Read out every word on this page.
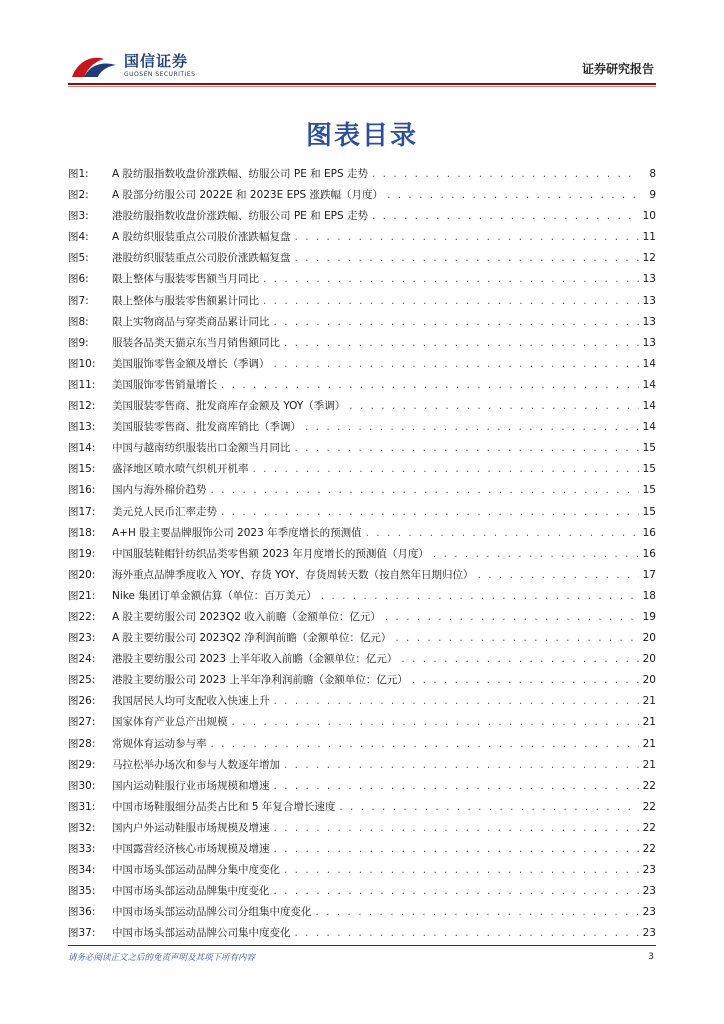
国信证券
GUOSEN SECURITIES	证券研究报告
图表目录
图1:	A 股纺服指数收盘价涨跌幅、纺服公司 PE 和 EPS 走势 . . .	8
图2:	A 股部分纺服公司 2022E 和 2023E EPS 涨跌幅（月度） . . .	9
图3:	港股纺服指数收盘价涨跌幅、纺服公司 PE 和 EPS 走势 . . .	10
图4:	A 股纺织服装重点公司股价涨跌幅复盘 . . .	11
图5:	港股纺织服装重点公司股价涨跌幅复盘 . . .	12
图6:	限上整体与服装零售额当月同比 . . .	13
图7:	限上整体与服装零售额累计同比 . . .	13
图8:	限上实物商品与穿类商品累计同比 . . .	13
图9:	服装各品类天猫京东当月销售额同比 . . .	13
图10:	美国服饰零售金额及增长（季调） . . .	14
图11:	美国服饰零售销量增长 . . .	14
图12:	美国服装零售商、批发商库存金额及 YOY（季调） . . .	14
图13:	美国服装零售商、批发商库销比（季调） . . .	14
图14:	中国与越南纺织服装出口金额当月同比 . . .	15
图15:	盛泽地区喷水喷气织机开机率 . . .	15
图16:	国内与海外棉价趋势 . . .	15
图17:	美元兑人民币汇率走势 . . .	15
图18:	A+H 股主要品牌服饰公司 2023 年季度增长的预测值 . . .	16
图19:	中国服装鞋帽针纺织品类零售额 2023 年月度增长的预测值（月度） . . .	16
图20:	海外重点品牌季度收入 YOY、存货 YOY、存货周转天数（按自然年日期归位） . . .	17
图21:	Nike 集团订单金额估算（单位：百万美元） . . .	18
图22:	A 股主要纺服公司 2023Q2 收入前瞻（金额单位：亿元） . . .	19
图23:	A 股主要纺服公司 2023Q2 净利润前瞻（金额单位：亿元） . . .	20
图24:	港股主要纺服公司 2023 上半年收入前瞻（金额单位：亿元） . . .	20
图25:	港股主要纺服公司 2023 上半年净利润前瞻（金额单位：亿元） . . .	20
图26:	我国居民人均可支配收入快速上升 . . .	21
图27:	国家体育产业总产出规模 . . .	21
图28:	常规体育运动参与率 . . .	21
图29:	马拉松举办场次和参与人数逐年增加 . . .	21
图30:	国内运动鞋服行业市场规模和增速 . . .	22
图31:	中国市场鞋服细分品类占比和 5 年复合增长速度 . . .	22
图32:	国内户外运动鞋服市场规模及增速 . . .	22
图33:	中国露营经济核心市场规模及增速 . . .	22
图34:	中国市场头部运动品牌分集中度变化 . . .	23
图35:	中国市场头部运动品牌集中度变化 . . .	23
图36:	中国市场头部运动品牌公司分组集中度变化 . . .	23
图37:	中国市场头部运动品牌公司集中度变化 . . .	23
请务必阅读正文之后的免责声明及其项下所有内容	3
